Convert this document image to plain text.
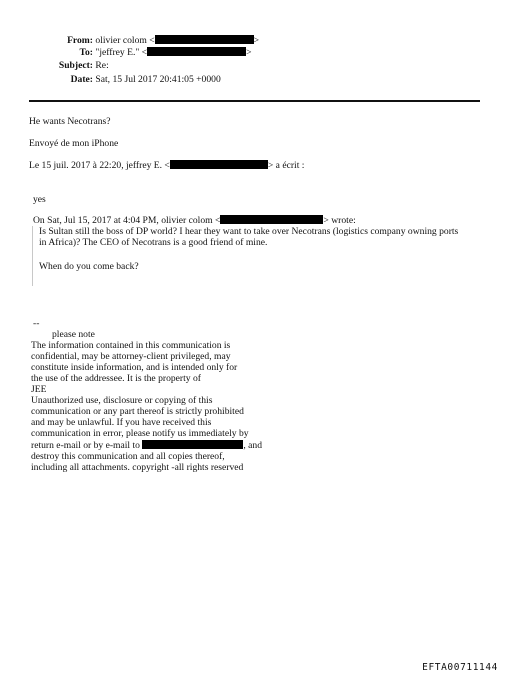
From: olivier colom <	>
To: "jeffrey E." <	>
Subject: Re:
Date: Sat, 15 Jul 2017 20:41:05 +0000
He wants Necotrans?
Envoyé de mon iPhone
Le 15 juil. 2017 à 22:20, jeffrey E. <	> a écrit :
yes
On Sat, Jul 15, 2017 at 4:04 PM, olivier colom <	> wrote:
Is Sultan still the boss of DP world? I hear they want to take over Necotrans (logistics company owning ports
in Africa)? The CEO of Necotrans is a good friend of mine.
When do you come back?
--
please note
The information contained in this communication is
confidential, may be attorney-client privileged, may
constitute inside information, and is intended only for
the use of the addressee. It is the property of
JEE
Unauthorized use, disclosure or copying of this
communication or any part thereof is strictly prohibited
and may be unlawful. If you have received this
communication in error, please notify us immediately by
return e-mail or by e-mail to	, and
destroy this communication and all copies thereof,
including all attachments. copyright -all rights reserved
EFTA00711144
